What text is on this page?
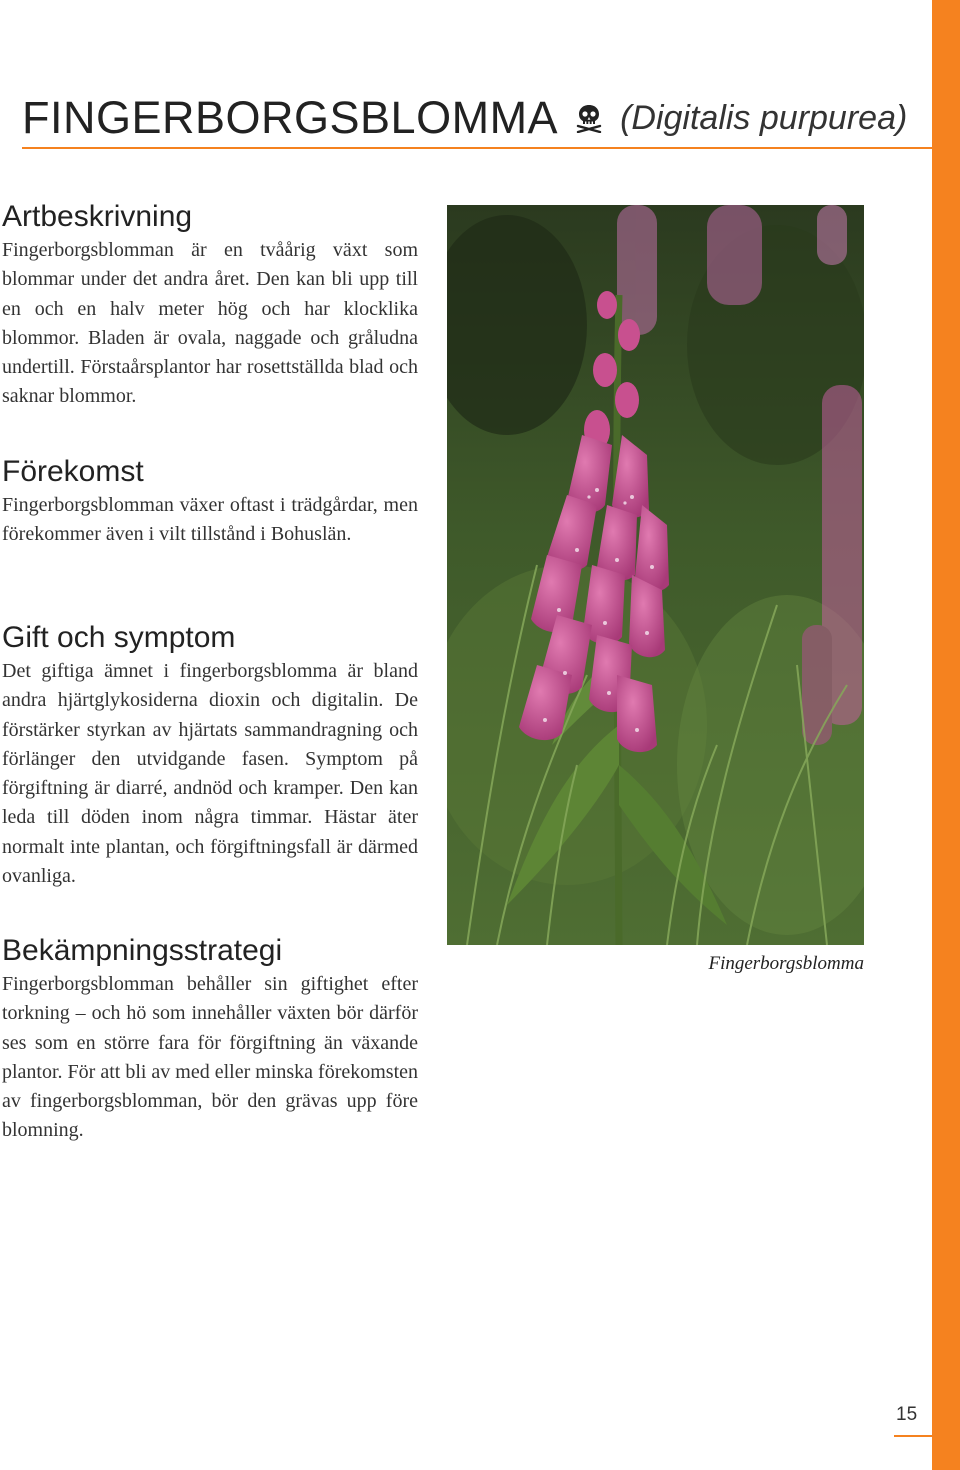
FINGERBORGSBLOMMA (Digitalis purpurea)
Artbeskrivning

Fingerborgsblomman är en tvåårig växt som blommar under det andra året. Den kan bli upp till en och en halv meter hög och har klocklika blommor. Bladen är ovala, naggade och gråludna undertill. Förstaårsplantor har rosettställda blad och saknar blommor.

Förekomst

Fingerborgsblomman växer oftast i trädgårdar, men förekommer även i vilt tillstånd i Bohuslän.

Gift och symptom

Det giftiga ämnet i fingerborgsblomma är bland andra hjärtglykosiderna dioxin och digitalin. De förstärker styrkan av hjärtats sammandragning och förlänger den utvidgande fasen. Symptom på förgiftning är diarré, andnöd och kramper. Den kan leda till döden inom några timmar. Hästar äter normalt inte plantan, och förgiftningsfall är därmed ovanliga.

Bekämpningsstrategi

Fingerborgsblomman behåller sin giftighet efter torkning – och hö som innehåller växten bör därför ses som en större fara för förgiftning än växande plantor. För att bli av med eller minska förekomsten av fingerborgsblomman, bör den grävas upp före blomning.

Fingerborgsblomma
15
